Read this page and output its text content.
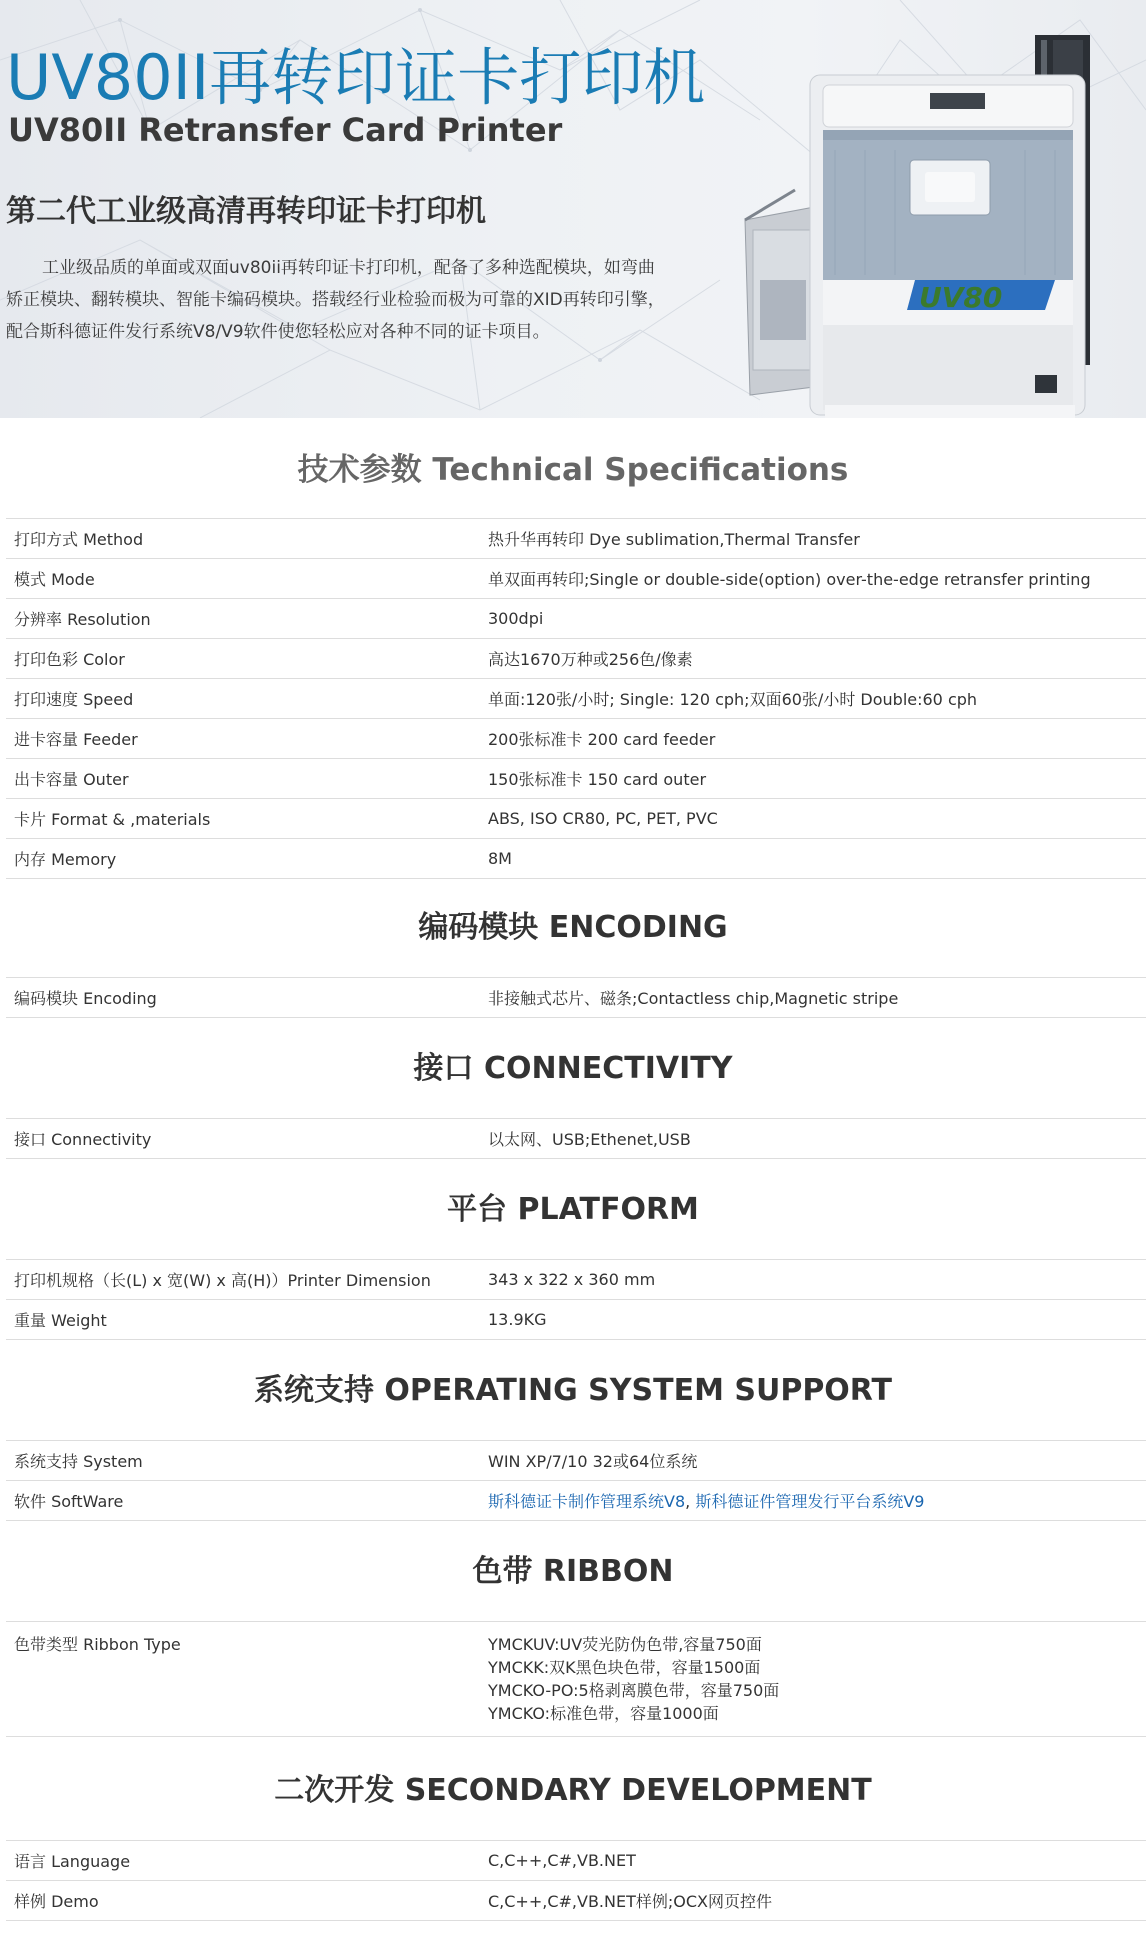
UV80II再转印证卡打印机
UV80II Retransfer Card Printer
第二代工业级高清再转印证卡打印机

工业级品质的单面或双面uv80ii再转印证卡打印机，配备了多种选配模块，如弯曲矫正模块、翻转模块、智能卡编码模块。搭载经行业检验而极为可靠的XID再转印引擎，配合斯科德证件发行系统V8/V9软件使您轻松应对各种不同的证卡项目。

UV80
技术参数 Technical Specifications
打印方式 Method	热升华再转印 Dye sublimation,Thermal Transfer
模式 Mode	单双面再转印;Single or double-side(option) over-the-edge retransfer printing
分辨率 Resolution	300dpi
打印色彩 Color	高达1670万种或256色/像素
打印速度 Speed	单面:120张/小时; Single: 120 cph;双面60张/小时 Double:60 cph
进卡容量 Feeder	200张标准卡 200 card feeder
出卡容量 Outer	150张标准卡 150 card outer
卡片 Format & ,materials	ABS, ISO CR80, PC, PET, PVC
内存 Memory	8M
编码模块 ENCODING
编码模块 Encoding	非接触式芯片、磁条;Contactless chip,Magnetic stripe
接口 CONNECTIVITY
接口 Connectivity	以太网、USB;Ethenet,USB
平台 PLATFORM
打印机规格（长(L) x 宽(W) x 高(H)）Printer Dimension	343 x 322 x 360 mm
重量 Weight	13.9KG
系统支持 OPERATING SYSTEM SUPPORT
系统支持 System	WIN XP/7/10 32或64位系统
软件 SoftWare	斯科德证卡制作管理系统V8, 斯科德证件管理发行平台系统V9
色带 RIBBON
色带类型 Ribbon Type	YMCKUV:UV荧光防伪色带,容量750面
YMCKK:双K黑色块色带，容量1500面
YMCKO-PO:5格剥离膜色带，容量750面
YMCKO:标准色带，容量1000面
二次开发 SECONDARY DEVELOPMENT
语言 Language	C,C++,C#,VB.NET
样例 Demo	C,C++,C#,VB.NET样例;OCX网页控件
